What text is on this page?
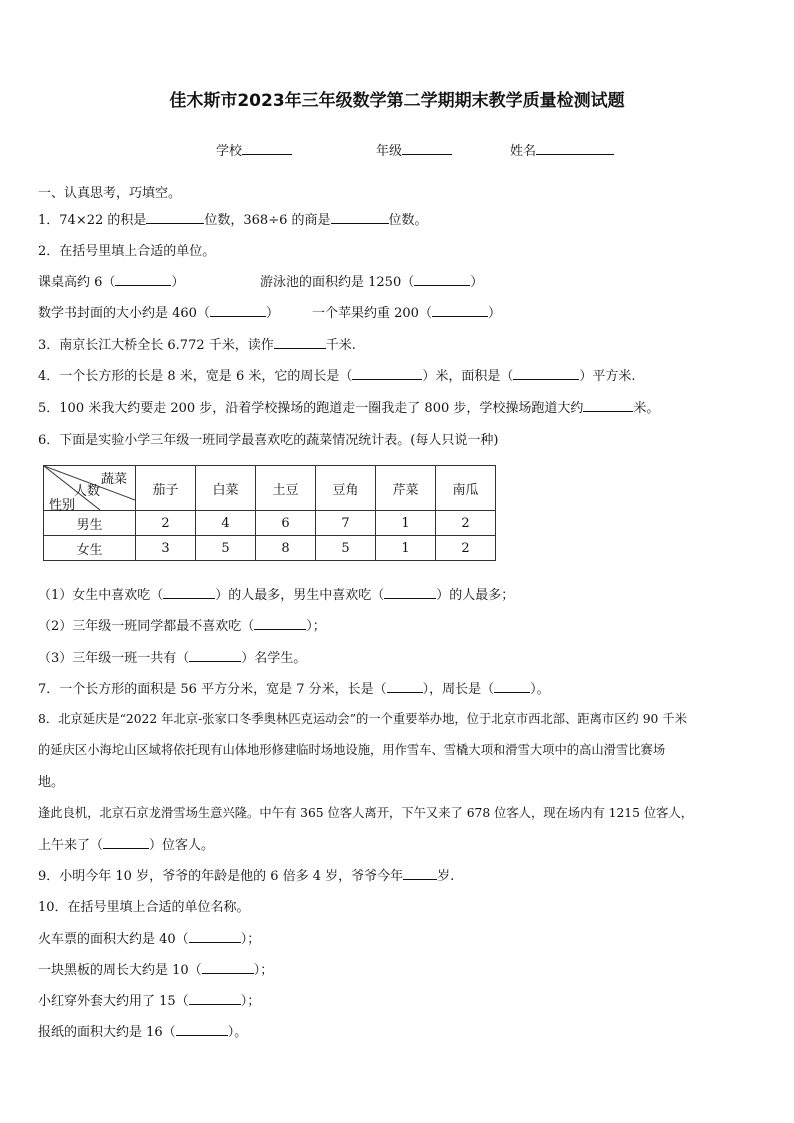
佳木斯市2023年三年级数学第二学期期末教学质量检测试题
学校	年级	姓名
一、认真思考，巧填空。
1．74×22 的积是	位数，368÷6 的商是	位数。
2．在括号里填上合适的单位。
课桌高约 6（	）	游泳池的面积约是 1250（	）
数学书封面的大小约是 460（	）	一个苹果约重 200（	）
3．南京长江大桥全长 6.772 千米，读作	千米.
4．一个长方形的长是 8 米，宽是 6 米，它的周长是（	）米，面积是（	）平方米.
5．100 米我大约要走 200 步，沿着学校操场的跑道走一圈我走了 800 步，学校操场跑道大约	米。
6．下面是实验小学三年级一班同学最喜欢吃的蔬菜情况统计表。(每人只说一种)
蔬菜
人数
性别	茄子	白菜	土豆	豆角	芹菜	南瓜
男生	2	4	6	7	1	2
女生	3	5	8	5	1	2
（1）女生中喜欢吃（	）的人最多，男生中喜欢吃（	）的人最多；
（2）三年级一班同学都最不喜欢吃（	）；
（3）三年级一班一共有（	）名学生。
7．一个长方形的面积是 56 平方分米，宽是 7 分米，长是（	），周长是（	）。
8．北京延庆是“2022 年北京-张家口冬季奥林匹克运动会”的一个重要举办地，位于北京市西北部、距离市区约 90 千米
的延庆区小海坨山区域将依托现有山体地形修建临时场地设施，用作雪车、雪橇大项和滑雪大项中的高山滑雪比赛场
地。
逢此良机，北京石京龙滑雪场生意兴隆。中午有 365 位客人离开，下午又来了 678 位客人，现在场内有 1215 位客人，
上午来了（	）位客人。
9．小明今年 10 岁，爷爷的年龄是他的 6 倍多 4 岁，爷爷今年	岁.
10．在括号里填上合适的单位名称。
火车票的面积大约是 40（	）；
一块黑板的周长大约是 10（	）；
小红穿外套大约用了 15（	）；
报纸的面积大约是 16（	）。
